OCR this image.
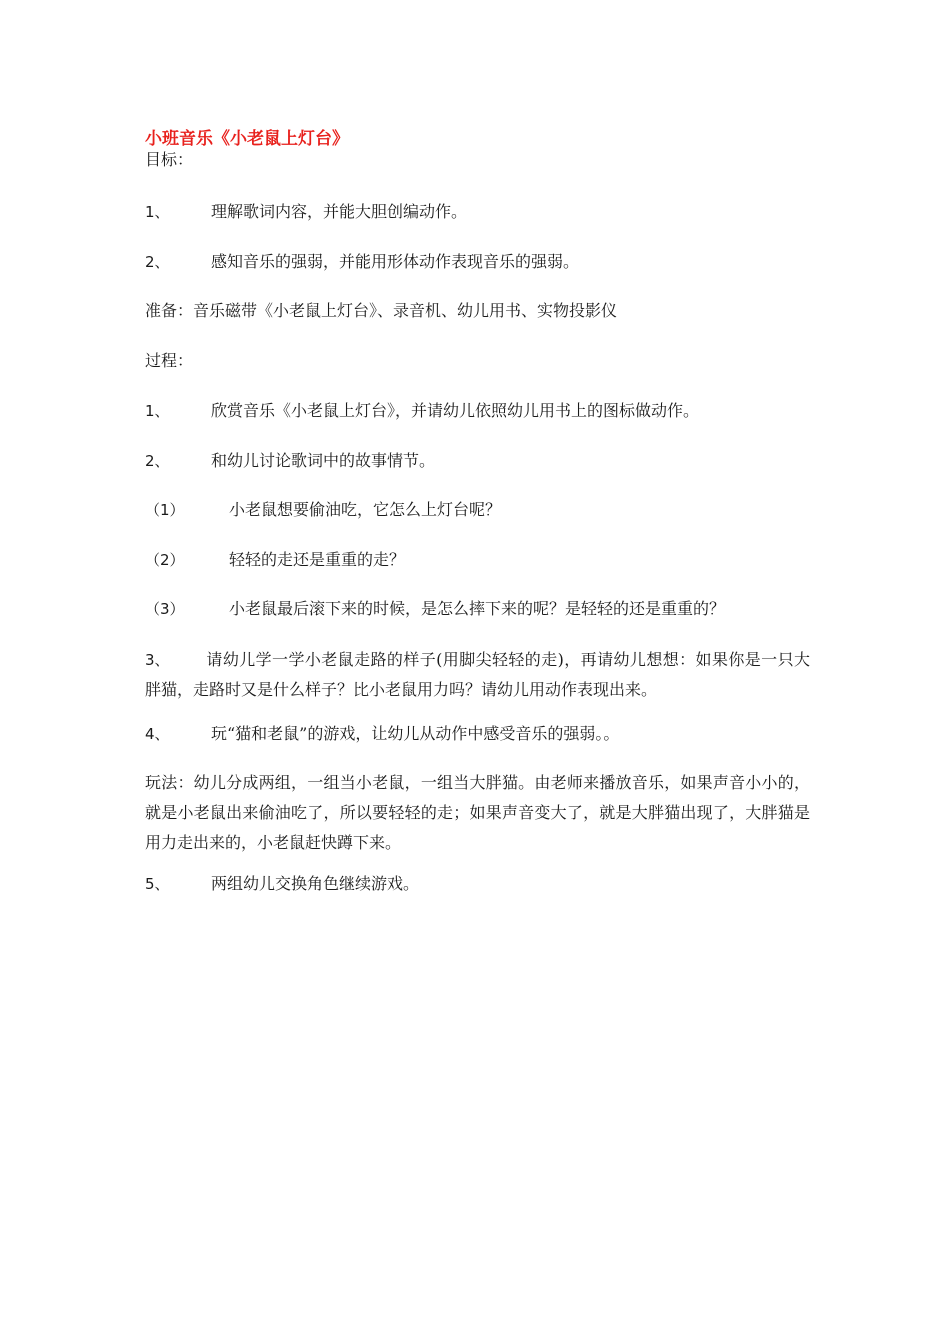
小班音乐《小老鼠上灯台》
目标：
1、	理解歌词内容，并能大胆创编动作。
2、	感知音乐的强弱，并能用形体动作表现音乐的强弱。
准备：音乐磁带《小老鼠上灯台》、录音机、幼儿用书、实物投影仪
过程：
1、	欣赏音乐《小老鼠上灯台》，并请幼儿依照幼儿用书上的图标做动作。
2、	和幼儿讨论歌词中的故事情节。
（1）	小老鼠想要偷油吃，它怎么上灯台呢？
（2）	轻轻的走还是重重的走？
（3）	小老鼠最后滚下来的时候，是怎么摔下来的呢？是轻轻的还是重重的？
3、 请幼儿学一学小老鼠走路的样子(用脚尖轻轻的走)，再请幼儿想想：如果你是一只大胖猫，走路时又是什么样子？比小老鼠用力吗？请幼儿用动作表现出来。
4、	玩“猫和老鼠”的游戏，让幼儿从动作中感受音乐的强弱。。
玩法：幼儿分成两组，一组当小老鼠，一组当大胖猫。由老师来播放音乐，如果声音小小的，就是小老鼠出来偷油吃了，所以要轻轻的走；如果声音变大了，就是大胖猫出现了，大胖猫是用力走出来的，小老鼠赶快蹲下来。
5、	两组幼儿交换角色继续游戏。
